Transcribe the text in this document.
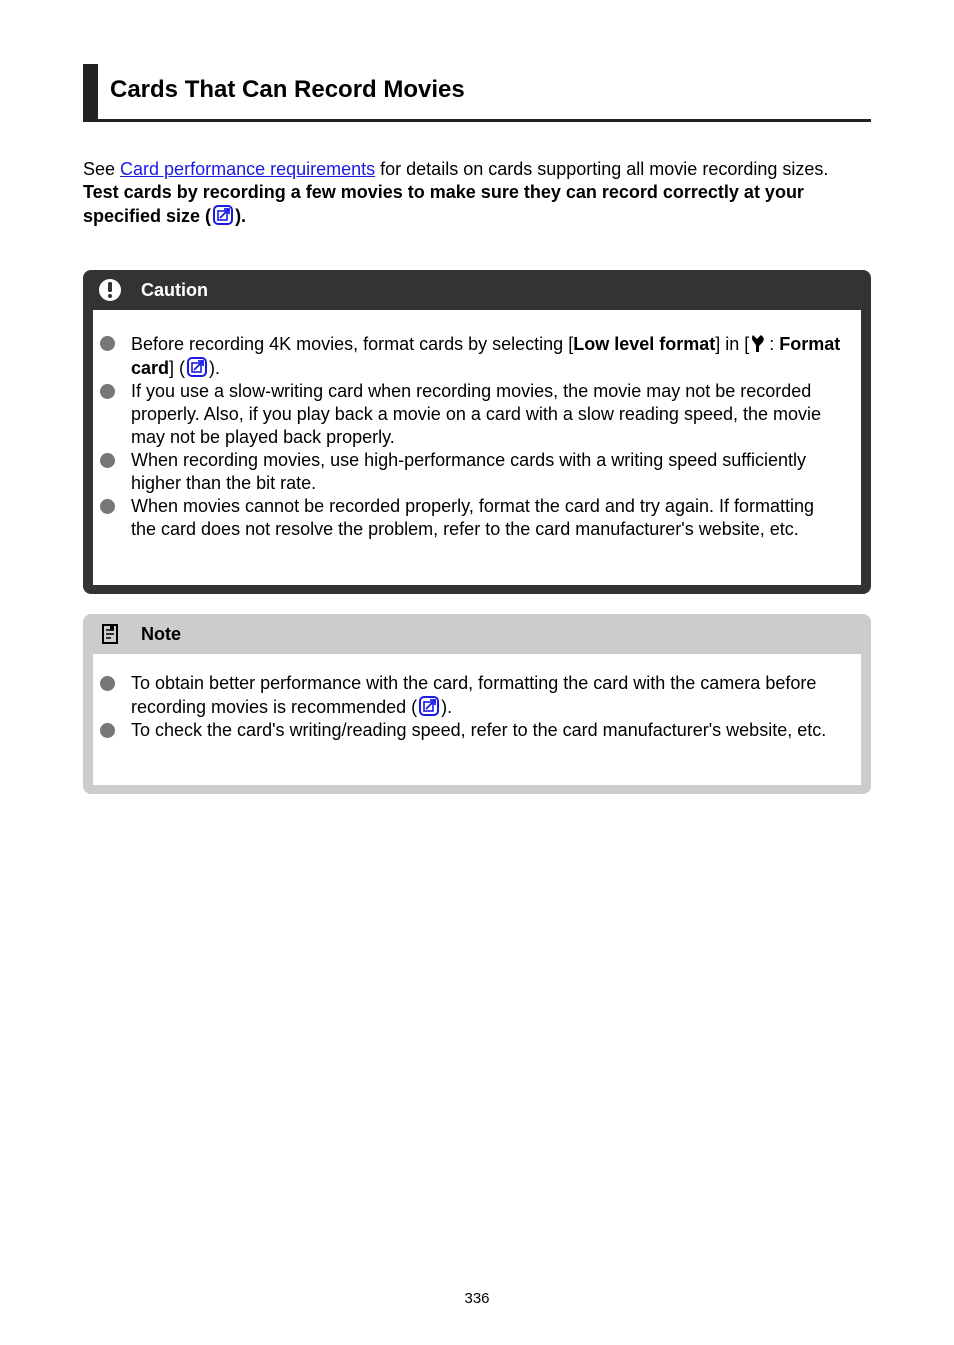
Cards That Can Record Movies

See Card performance requirements for details on cards supporting all movie recording sizes.

Test cards by recording a few movies to make sure they can record correctly at your specified size ( ).

Caution
Before recording 4K movies, format cards by selecting [Low level format] in [ : Format card] ( ).
If you use a slow-writing card when recording movies, the movie may not be recorded properly. Also, if you play back a movie on a card with a slow reading speed, the movie may not be played back properly.
When recording movies, use high-performance cards with a writing speed sufficiently higher than the bit rate.
When movies cannot be recorded properly, format the card and try again. If formatting the card does not resolve the problem, refer to the card manufacturer's website, etc.
Note
To obtain better performance with the card, formatting the card with the camera before recording movies is recommended ( ).
To check the card's writing/reading speed, refer to the card manufacturer's website, etc.
336
